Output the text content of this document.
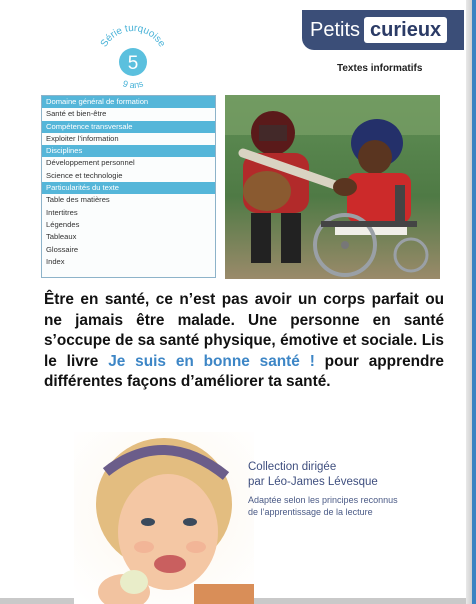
Série turquoise
5
9 ans
Petits curieux
Textes informatifs
Domaine général de formation
Santé et bien-être
Compétence transversale
Exploiter l’information
Disciplines
Développement personnel
Science et technologie
Particularités du texte
Table des matières
Intertitres
Légendes
Tableaux
Glossaire
Index
Être en santé, ce n’est pas avoir un corps parfait ou ne jamais être malade. Une personne en santé s’occupe de sa santé physique, émotive et sociale. Lis le livre Je suis en bonne santé ! pour apprendre différentes façons d’améliorer ta santé.
Collection dirigée
par Léo-James Lévesque
Adaptée selon les principes reconnus
de l’apprentissage de la lecture
